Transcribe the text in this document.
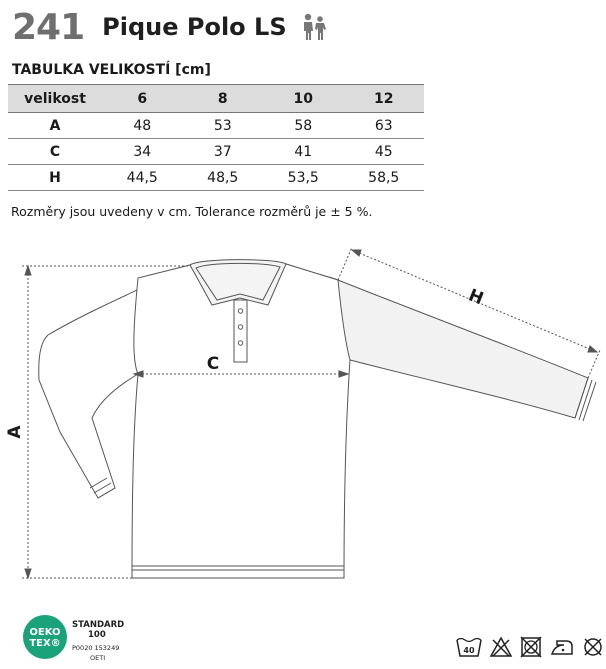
241 Pique Polo LS
TABULKA VELIKOSTÍ [cm]
velikost	6	8	10	12
A	48	53	58	63
C	34	37	41	45
H	44,5	48,5	53,5	58,5
Rozměry jsou uvedeny v cm. Tolerance rozměrů je ± 5 %.
A
C
H
OEKO
TEX®
STANDARD
100
P0020 153249
OETI
40
